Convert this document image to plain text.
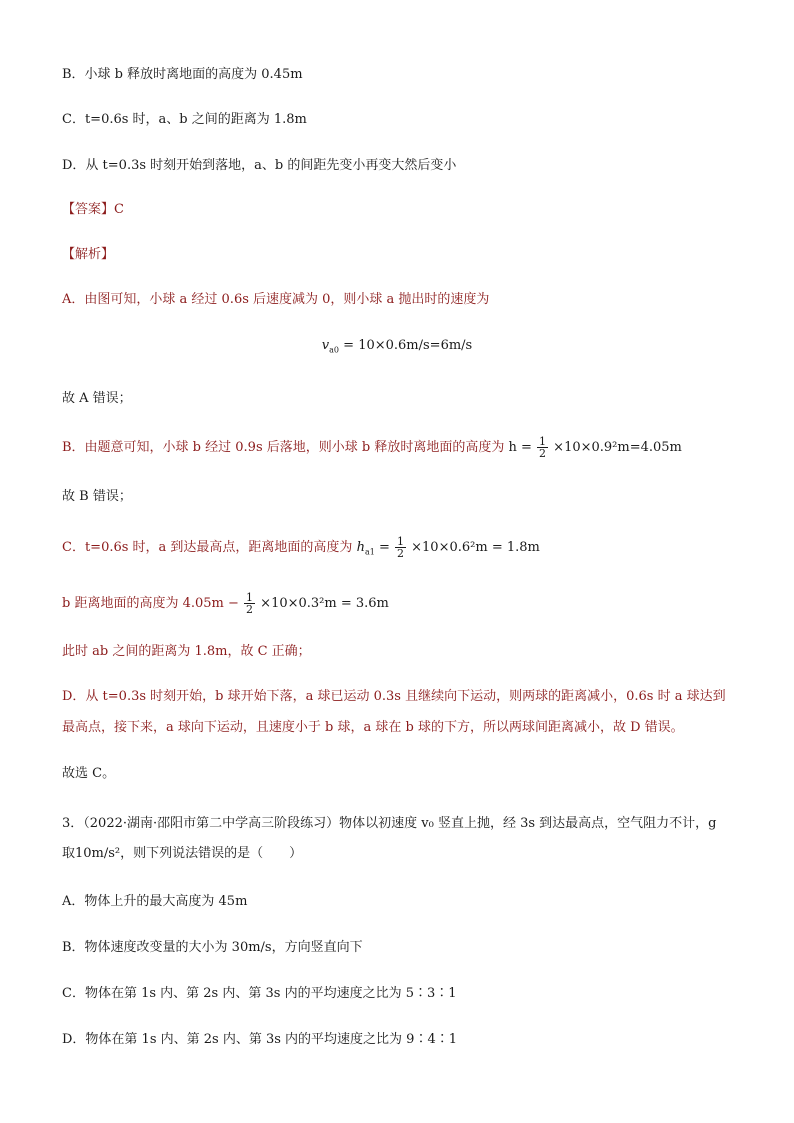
B．小球 b 释放时离地面的高度为 0.45m
C．t=0.6s 时，a、b 之间的距离为 1.8m
D．从 t=0.3s 时刻开始到落地，a、b 的间距先变小再变大然后变小
【答案】C
【解析】
A．由图可知，小球 a 经过 0.6s 后速度减为 0，则小球 a 抛出时的速度为
$v_{a0} = 10\times 0.6m/s=6m/s$
故 A 错误；
B．由题意可知，小球 b 经过 0.9s 后落地，则小球 b 释放时离地面的高度为 $h = \frac{1}{2} \times 10\times 0.9^2m=4.05m$
故 B 错误；
C．t=0.6s 时，a 到达最高点，距离地面的高度为 $h_{a1} = \frac{1}{2} \times 10\times 0.6^2m = 1.8m$
b 距离地面的高度为 $4.05m - \frac{1}{2} \times 10\times 0.3^2m = 3.6m$
此时 ab 之间的距离为 1.8m，故 C 正确；
D．从 t=0.3s 时刻开始，b 球开始下落，a 球已运动 0.3s 且继续向下运动，则两球的距离减小，0.6s 时 a 球达到
最高点，接下来，a 球向下运动，且速度小于 b 球，a 球在 b 球的下方，所以两球间距离减小，故 D 错误。
故选 C。
3．（2022·湖南·邵阳市第二中学高三阶段练习）物体以初速度 v₀ 竖直上抛，经 3s 到达最高点，空气阻力不计，g
取10m/s²，则下列说法错误的是（　　）
A．物体上升的最大高度为 45m
B．物体速度改变量的大小为 30m/s，方向竖直向下
C．物体在第 1s 内、第 2s 内、第 3s 内的平均速度之比为 5∶3∶1
D．物体在第 1s 内、第 2s 内、第 3s 内的平均速度之比为 9∶4∶1
